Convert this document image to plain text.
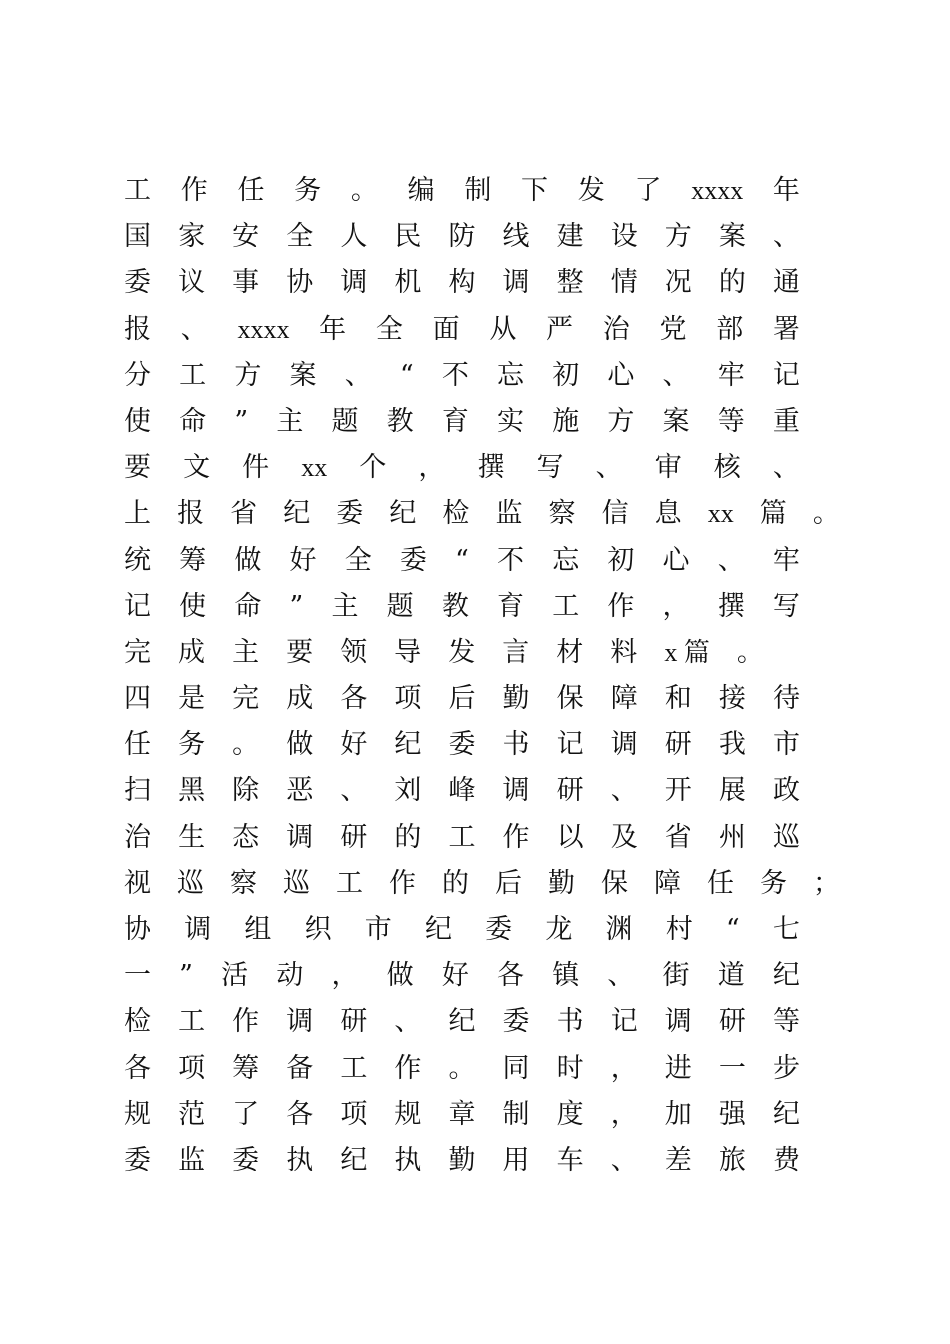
工 作 任 务 。 编 制 下 发 了 xxxx 年
国 家 安 全 人 民 防 线 建 设 方 案 、
委 议 事 协 调 机 构 调 整 情 况 的 通
报 、 xxxx 年 全 面 从 严 治 党 部 署
分 工 方 案 、 “ 不 忘 初 心 、 牢 记
使 命 ” 主 题 教 育 实 施 方 案 等 重
要 文 件 xx 个 ， 撰 写 、 审 核 、
上 报 省 纪 委 纪 检 监 察 信 息 xx 篇 。
统 筹 做 好 全 委 “ 不 忘 初 心 、 牢
记 使 命 ” 主 题 教 育 工 作 ， 撰 写
完 成 主 要 领 导 发 言 材 料 x 篇 。
四 是 完 成 各 项 后 勤 保 障 和 接 待
任 务 。 做 好 纪 委 书 记 调 研 我 市
扫 黑 除 恶 、 刘 峰 调 研 、 开 展 政
治 生 态 调 研 的 工 作 以 及 省 州 巡
视 巡 察 巡 工 作 的 后 勤 保 障 任 务 ；
协 调 组 织 市 纪 委 龙 渊 村 “ 七
一 ” 活 动 ， 做 好 各 镇 、 街 道 纪
检 工 作 调 研 、 纪 委 书 记 调 研 等
各 项 筹 备 工 作 。 同 时 ， 进 一 步
规 范 了 各 项 规 章 制 度 ， 加 强 纪
委 监 委 执 纪 执 勤 用 车 、 差 旅 费
